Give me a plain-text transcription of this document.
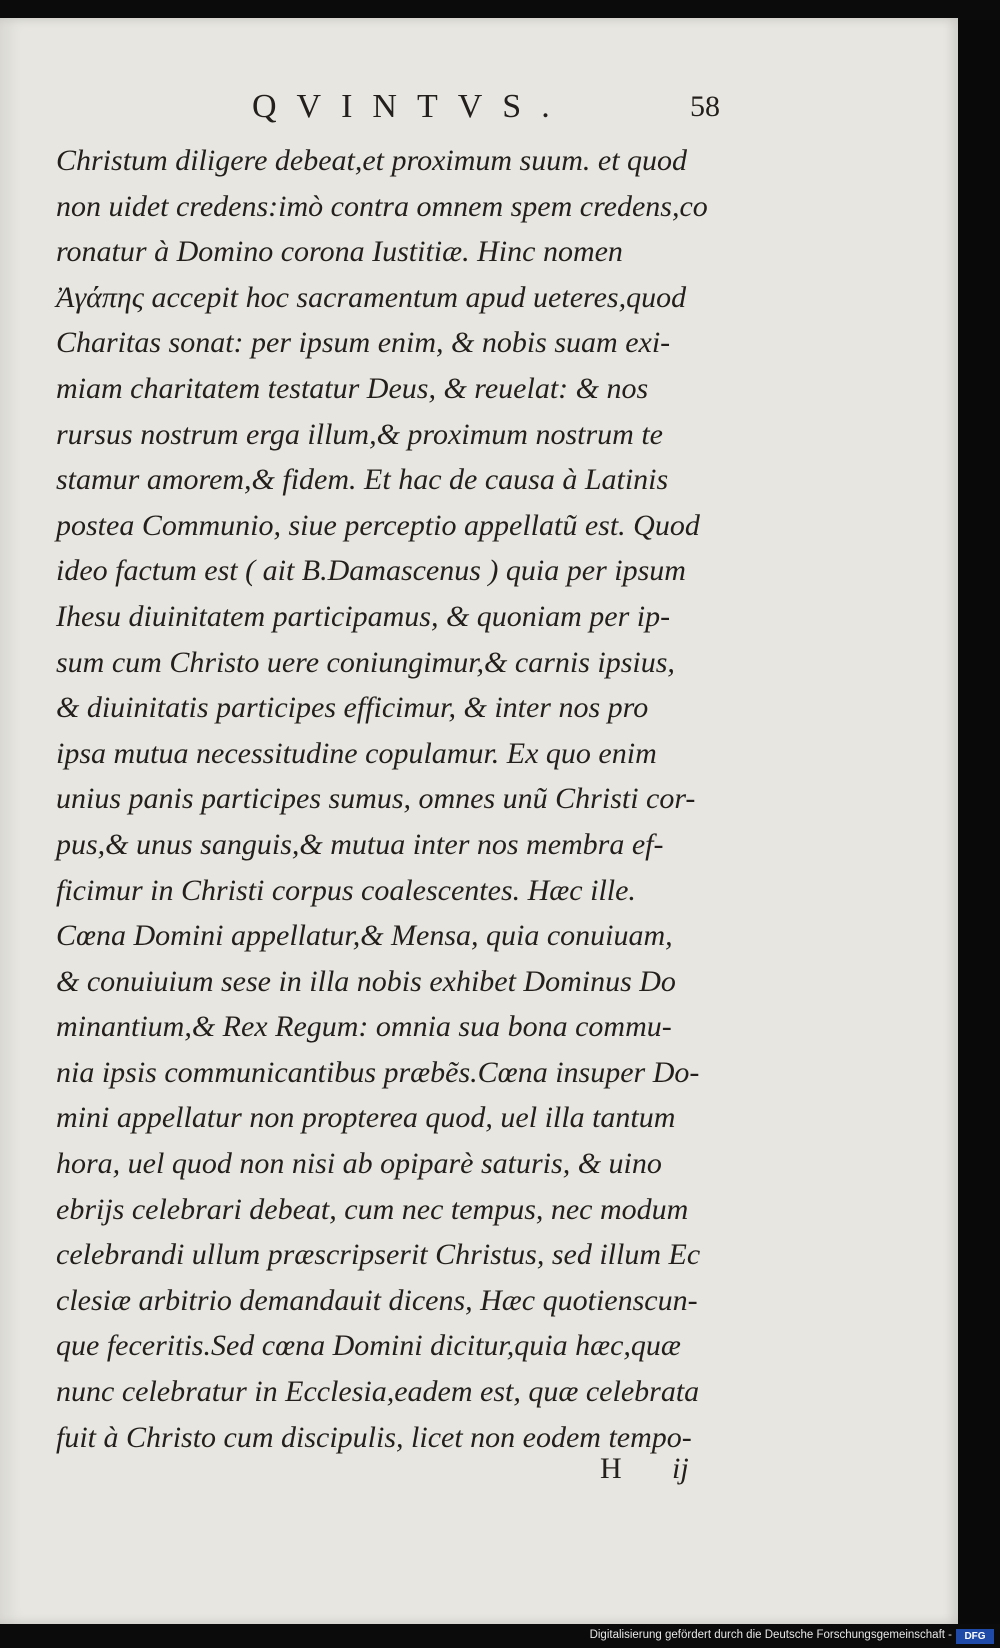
QVINTVS.	58
Christum diligere debeat,et proximum suum. et quod
non uidet credens:imò contra omnem spem credens,co
ronatur à Domino corona Iustitiæ. Hinc nomen
Ἀγάπης accepit hoc sacramentum apud ueteres,quod
Charitas sonat: per ipsum enim, & nobis suam exi-
miam charitatem testatur Deus, & reuelat: & nos
rursus nostrum erga illum,& proximum nostrum te
stamur amorem,& fidem. Et hac de causa à Latinis
postea Communio, siue perceptio appellatũ est. Quod
ideo factum est ( ait B.Damascenus ) quia per ipsum
Ihesu diuinitatem participamus, & quoniam per ip-
sum cum Christo uere coniungimur,& carnis ipsius,
& diuinitatis participes efficimur, & inter nos pro
ipsa mutua necessitudine copulamur. Ex quo enim
unius panis participes sumus, omnes unũ Christi cor-
pus,& unus sanguis,& mutua inter nos membra ef-
ficimur in Christi corpus coalescentes. Hæc ille.
Cœna Domini appellatur,& Mensa, quia conuiuam,
& conuiuium sese in illa nobis exhibet Dominus Do
minantium,& Rex Regum: omnia sua bona commu-
nia ipsis communicantibus præbẽs.Cœna insuper Do-
mini appellatur non propterea quod, uel illa tantum
hora, uel quod non nisi ab opiparè saturis, & uino
ebrijs celebrari debeat, cum nec tempus, nec modum
celebrandi ullum præscripserit Christus, sed illum Ec
clesiæ arbitrio demandauit dicens, Hæc quotienscun-
que feceritis.Sed cœna Domini dicitur,quia hæc,quæ
nunc celebratur in Ecclesia,eadem est, quæ celebrata
fuit à Christo cum discipulis, licet non eodem tempo-
H ij
Digitalisierung gefördert durch die Deutsche Forschungsgemeinschaft -	DFG
